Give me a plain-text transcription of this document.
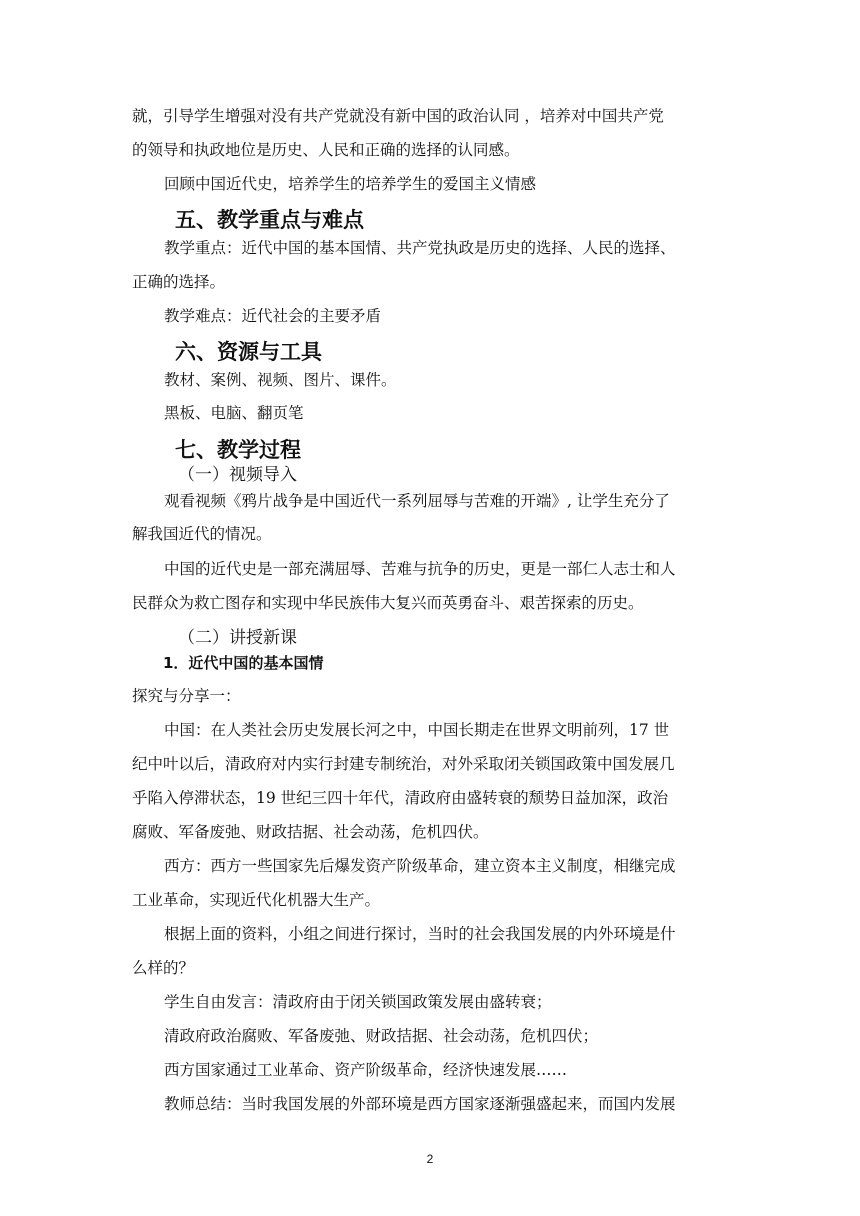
就，引导学生增强对没有共产党就没有新中国的政治认同 ，培养对中国共产党
的领导和执政地位是历史、人民和正确的选择的认同感。
回顾中国近代史，培养学生的培养学生的爱国主义情感
五、教学重点与难点
教学重点：近代中国的基本国情、共产党执政是历史的选择、人民的选择、
正确的选择。
教学难点：近代社会的主要矛盾
六、资源与工具
教材、案例、视频、图片、课件。
黑板、电脑、翻页笔
七、教学过程
（一）视频导入
观看视频《鸦片战争是中国近代一系列屈辱与苦难的开端》, 让学生充分了
解我国近代的情况。
中国的近代史是一部充满屈辱、苦难与抗争的历史，更是一部仁人志士和人
民群众为救亡图存和实现中华民族伟大复兴而英勇奋斗、艰苦探索的历史。
（二）讲授新课
1．近代中国的基本国情
探究与分享一：
中国：在人类社会历史发展长河之中，中国长期走在世界文明前列，17 世
纪中叶以后，清政府对内实行封建专制统治，对外采取闭关锁国政策中国发展几
乎陷入停滞状态，19 世纪三四十年代，清政府由盛转衰的颓势日益加深，政治
腐败、军备废弛、财政拮据、社会动荡，危机四伏。
西方：西方一些国家先后爆发资产阶级革命，建立资本主义制度，相继完成
工业革命，实现近代化机器大生产。
根据上面的资料，小组之间进行探讨，当时的社会我国发展的内外环境是什
么样的？
学生自由发言：清政府由于闭关锁国政策发展由盛转衰；
清政府政治腐败、军备废弛、财政拮据、社会动荡，危机四伏；
西方国家通过工业革命、资产阶级革命，经济快速发展……
教师总结：当时我国发展的外部环境是西方国家逐渐强盛起来，而国内发展
2
